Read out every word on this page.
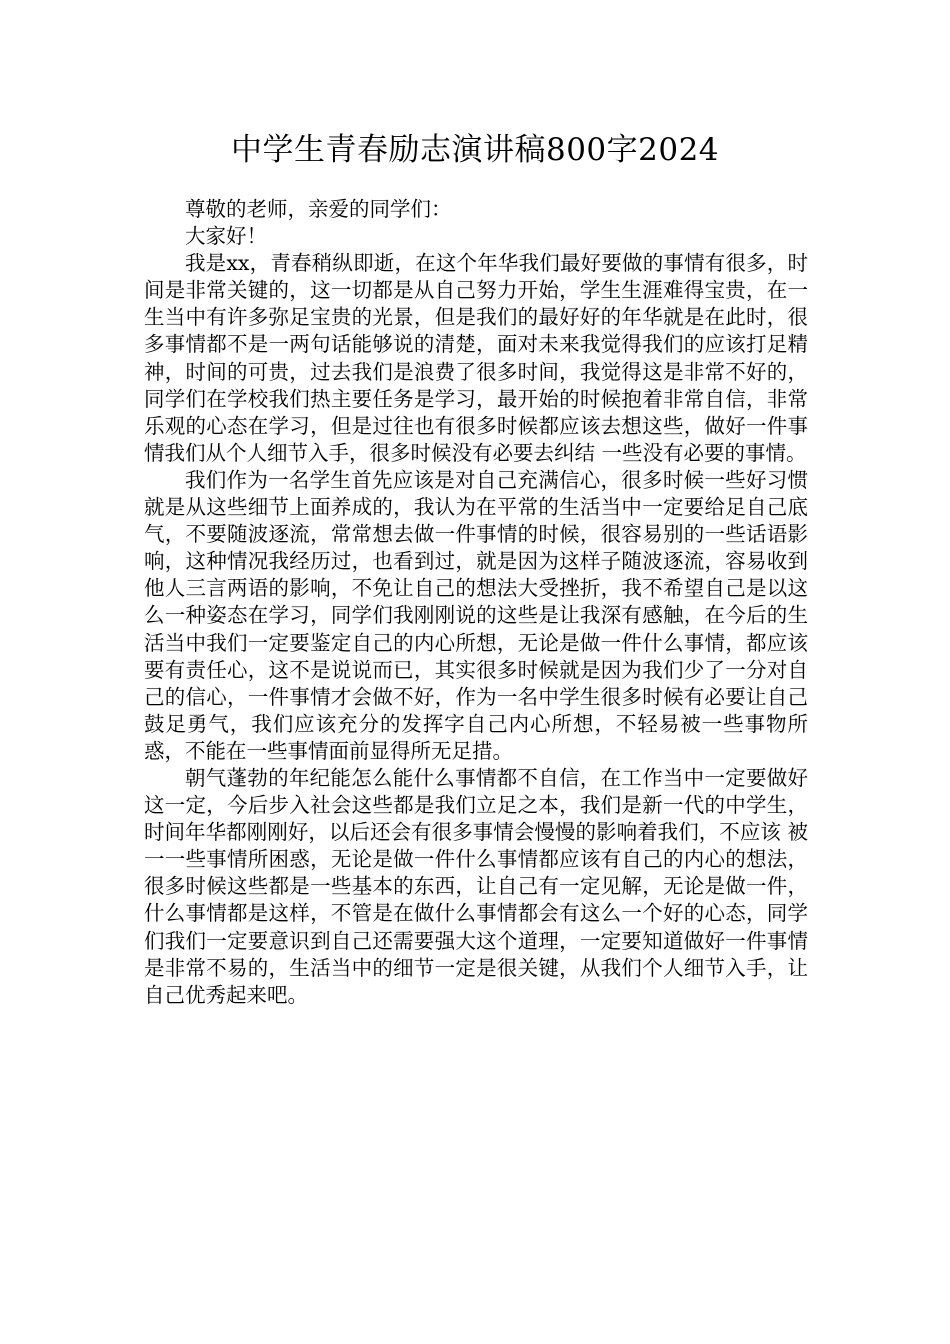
中学生青春励志演讲稿800字2024

尊敬的老师，亲爱的同学们：

大家好！

我是xx，青春稍纵即逝，在这个年华我们最好要做的事情有很多，时间是非常关键的，这一切都是从自己努力开始，学生生涯难得宝贵，在一生当中有许多弥足宝贵的光景，但是我们的最好好的年华就是在此时，很多事情都不是一两句话能够说的清楚，面对未来我觉得我们的应该打足精神，时间的可贵，过去我们是浪费了很多时间，我觉得这是非常不好的，同学们在学校我们热主要任务是学习，最开始的时候抱着非常自信，非常乐观的心态在学习，但是过往也有很多时候都应该去想这些，做好一件事情我们从个人细节入手，很多时候没有必要去纠结 一些没有必要的事情。

我们作为一名学生首先应该是对自己充满信心，很多时候一些好习惯就是从这些细节上面养成的，我认为在平常的生活当中一定要给足自己底气，不要随波逐流，常常想去做一件事情的时候，很容易别的一些话语影响，这种情况我经历过，也看到过，就是因为这样子随波逐流，容易收到他人三言两语的影响，不免让自己的想法大受挫折，我不希望自己是以这么一种姿态在学习，同学们我刚刚说的这些是让我深有感触，在今后的生活当中我们一定要鉴定自己的内心所想，无论是做一件什么事情，都应该要有责任心，这不是说说而已，其实很多时候就是因为我们少了一分对自己的信心，一件事情才会做不好，作为一名中学生很多时候有必要让自己鼓足勇气，我们应该充分的发挥字自己内心所想，不轻易被一些事物所惑，不能在一些事情面前显得所无足措。

朝气蓬勃的年纪能怎么能什么事情都不自信，在工作当中一定要做好这一定，今后步入社会这些都是我们立足之本，我们是新一代的中学生，时间年华都刚刚好，以后还会有很多事情会慢慢的影响着我们，不应该 被一一些事情所困惑，无论是做一件什么事情都应该有自己的内心的想法，很多时候这些都是一些基本的东西，让自己有一定见解，无论是做一件，什么事情都是这样，不管是在做什么事情都会有这么一个好的心态，同学们我们一定要意识到自己还需要强大这个道理，一定要知道做好一件事情是非常不易的，生活当中的细节一定是很关键，从我们个人细节入手，让自己优秀起来吧。
